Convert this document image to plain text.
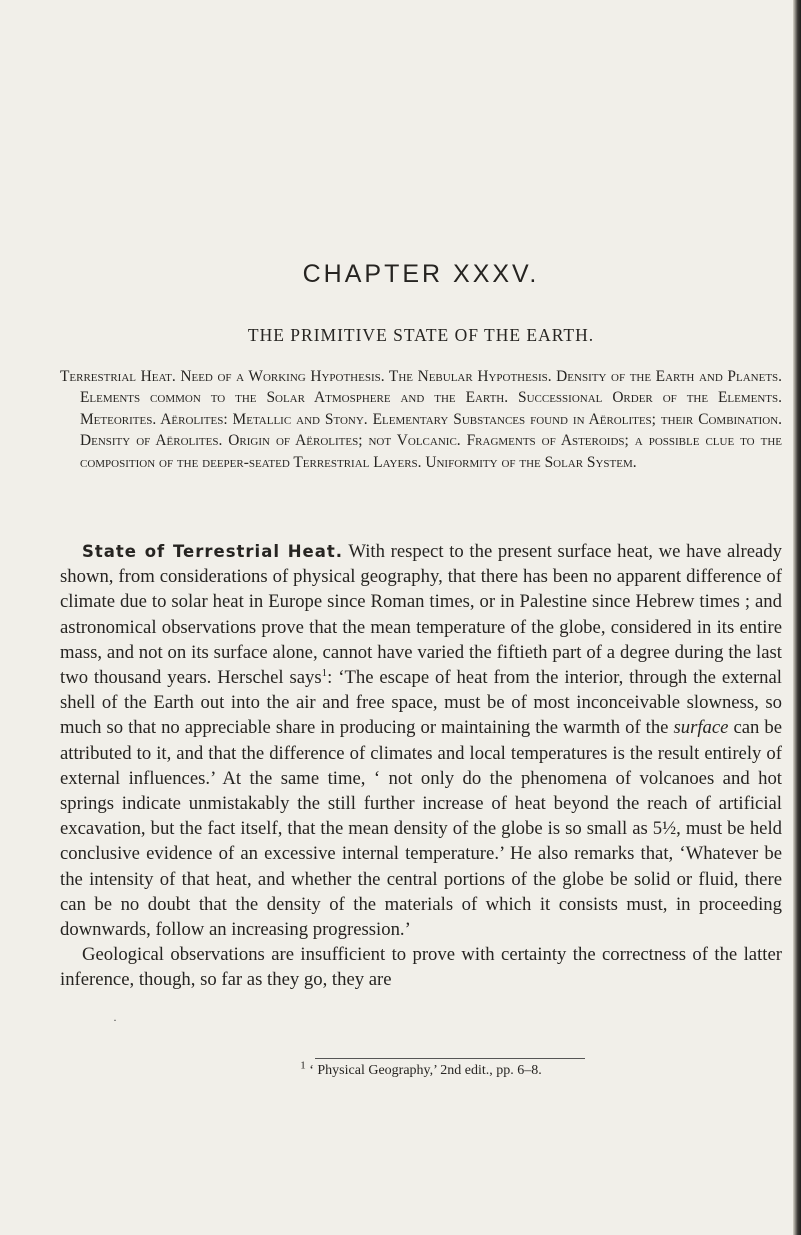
CHAPTER XXXV.
THE PRIMITIVE STATE OF THE EARTH.

Terrestrial Heat. Need of a Working Hypothesis. The Nebular Hypothesis. Density of the Earth and Planets. Elements common to the Solar Atmosphere and the Earth. Successional Order of the Elements. Meteorites. Aërolites: Metallic and Stony. Elementary Substances found in Aërolites; their Combination. Density of Aërolites. Origin of Aërolites; not Volcanic. Fragments of Asteroids; a possible clue to the composition of the deeper-seated Terrestrial Layers. Uniformity of the Solar System.

State of Terrestrial Heat. With respect to the present surface heat, we have already shown, from considerations of physical geography, that there has been no apparent difference of climate due to solar heat in Europe since Roman times, or in Palestine since Hebrew times ; and astronomical observations prove that the mean temperature of the globe, considered in its entire mass, and not on its surface alone, cannot have varied the fiftieth part of a degree during the last two thousand years. Herschel says$^1$: ‘The escape of heat from the interior, through the external shell of the Earth out into the air and free space, must be of most inconceivable slowness, so much so that no appreciable share in producing or maintaining the warmth of the surface can be attributed to it, and that the difference of climates and local temperatures is the result entirely of external influences.’ At the same time, ‘ not only do the phenomena of volcanoes and hot springs indicate unmistakably the still further increase of heat beyond the reach of artificial excavation, but the fact itself, that the mean density of the globe is so small as 5½, must be held conclusive evidence of an excessive internal temperature.’ He also remarks that, ‘Whatever be the intensity of that heat, and whether the central portions of the globe be solid or fluid, there can be no doubt that the density of the materials of which it consists must, in proceeding downwards, follow an increasing progression.’

Geological observations are insufficient to prove with certainty the correctness of the latter inference, though, so far as they go, they are

·

$^1$ ‘ Physical Geography,’ 2nd edit., pp. 6–8.
